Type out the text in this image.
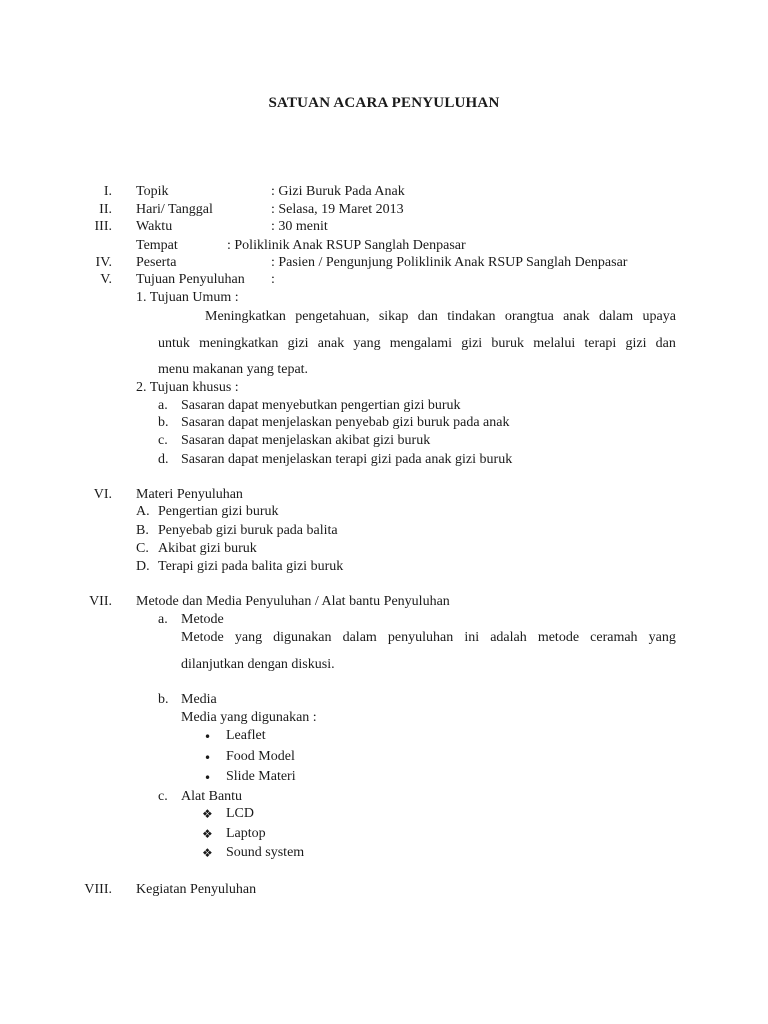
SATUAN ACARA PENYULUHAN
I. Topik	: Gizi Buruk Pada Anak
II. Hari/ Tanggal	: Selasa, 19 Maret 2013
III. Waktu	: 30 menit
Tempat	: Poliklinik Anak RSUP Sanglah Denpasar
IV. Peserta	: Pasien / Pengunjung Poliklinik Anak RSUP Sanglah Denpasar
V. Tujuan Penyuluhan :
1. Tujuan Umum :
Meningkatkan pengetahuan, sikap dan tindakan orangtua anak dalam upaya
untuk meningkatkan gizi anak yang mengalami gizi buruk melalui terapi gizi dan
menu makanan yang tepat.
2. Tujuan khusus :
a. Sasaran dapat menyebutkan pengertian gizi buruk
b. Sasaran dapat menjelaskan penyebab gizi buruk pada anak
c. Sasaran dapat menjelaskan akibat gizi buruk
d. Sasaran dapat menjelaskan terapi gizi pada anak gizi buruk
VI. Materi Penyuluhan
A. Pengertian gizi buruk
B. Penyebab gizi buruk pada balita
C. Akibat gizi buruk
D. Terapi gizi pada balita gizi buruk
VII. Metode dan Media Penyuluhan / Alat bantu Penyuluhan
a. Metode
Metode yang digunakan dalam penyuluhan ini adalah metode ceramah yang
dilanjutkan dengan diskusi.
b. Media
Media yang digunakan :
• Leaflet
• Food Model
• Slide Materi
c. Alat Bantu
❖ LCD
❖ Laptop
❖ Sound system
VIII. Kegiatan Penyuluhan
